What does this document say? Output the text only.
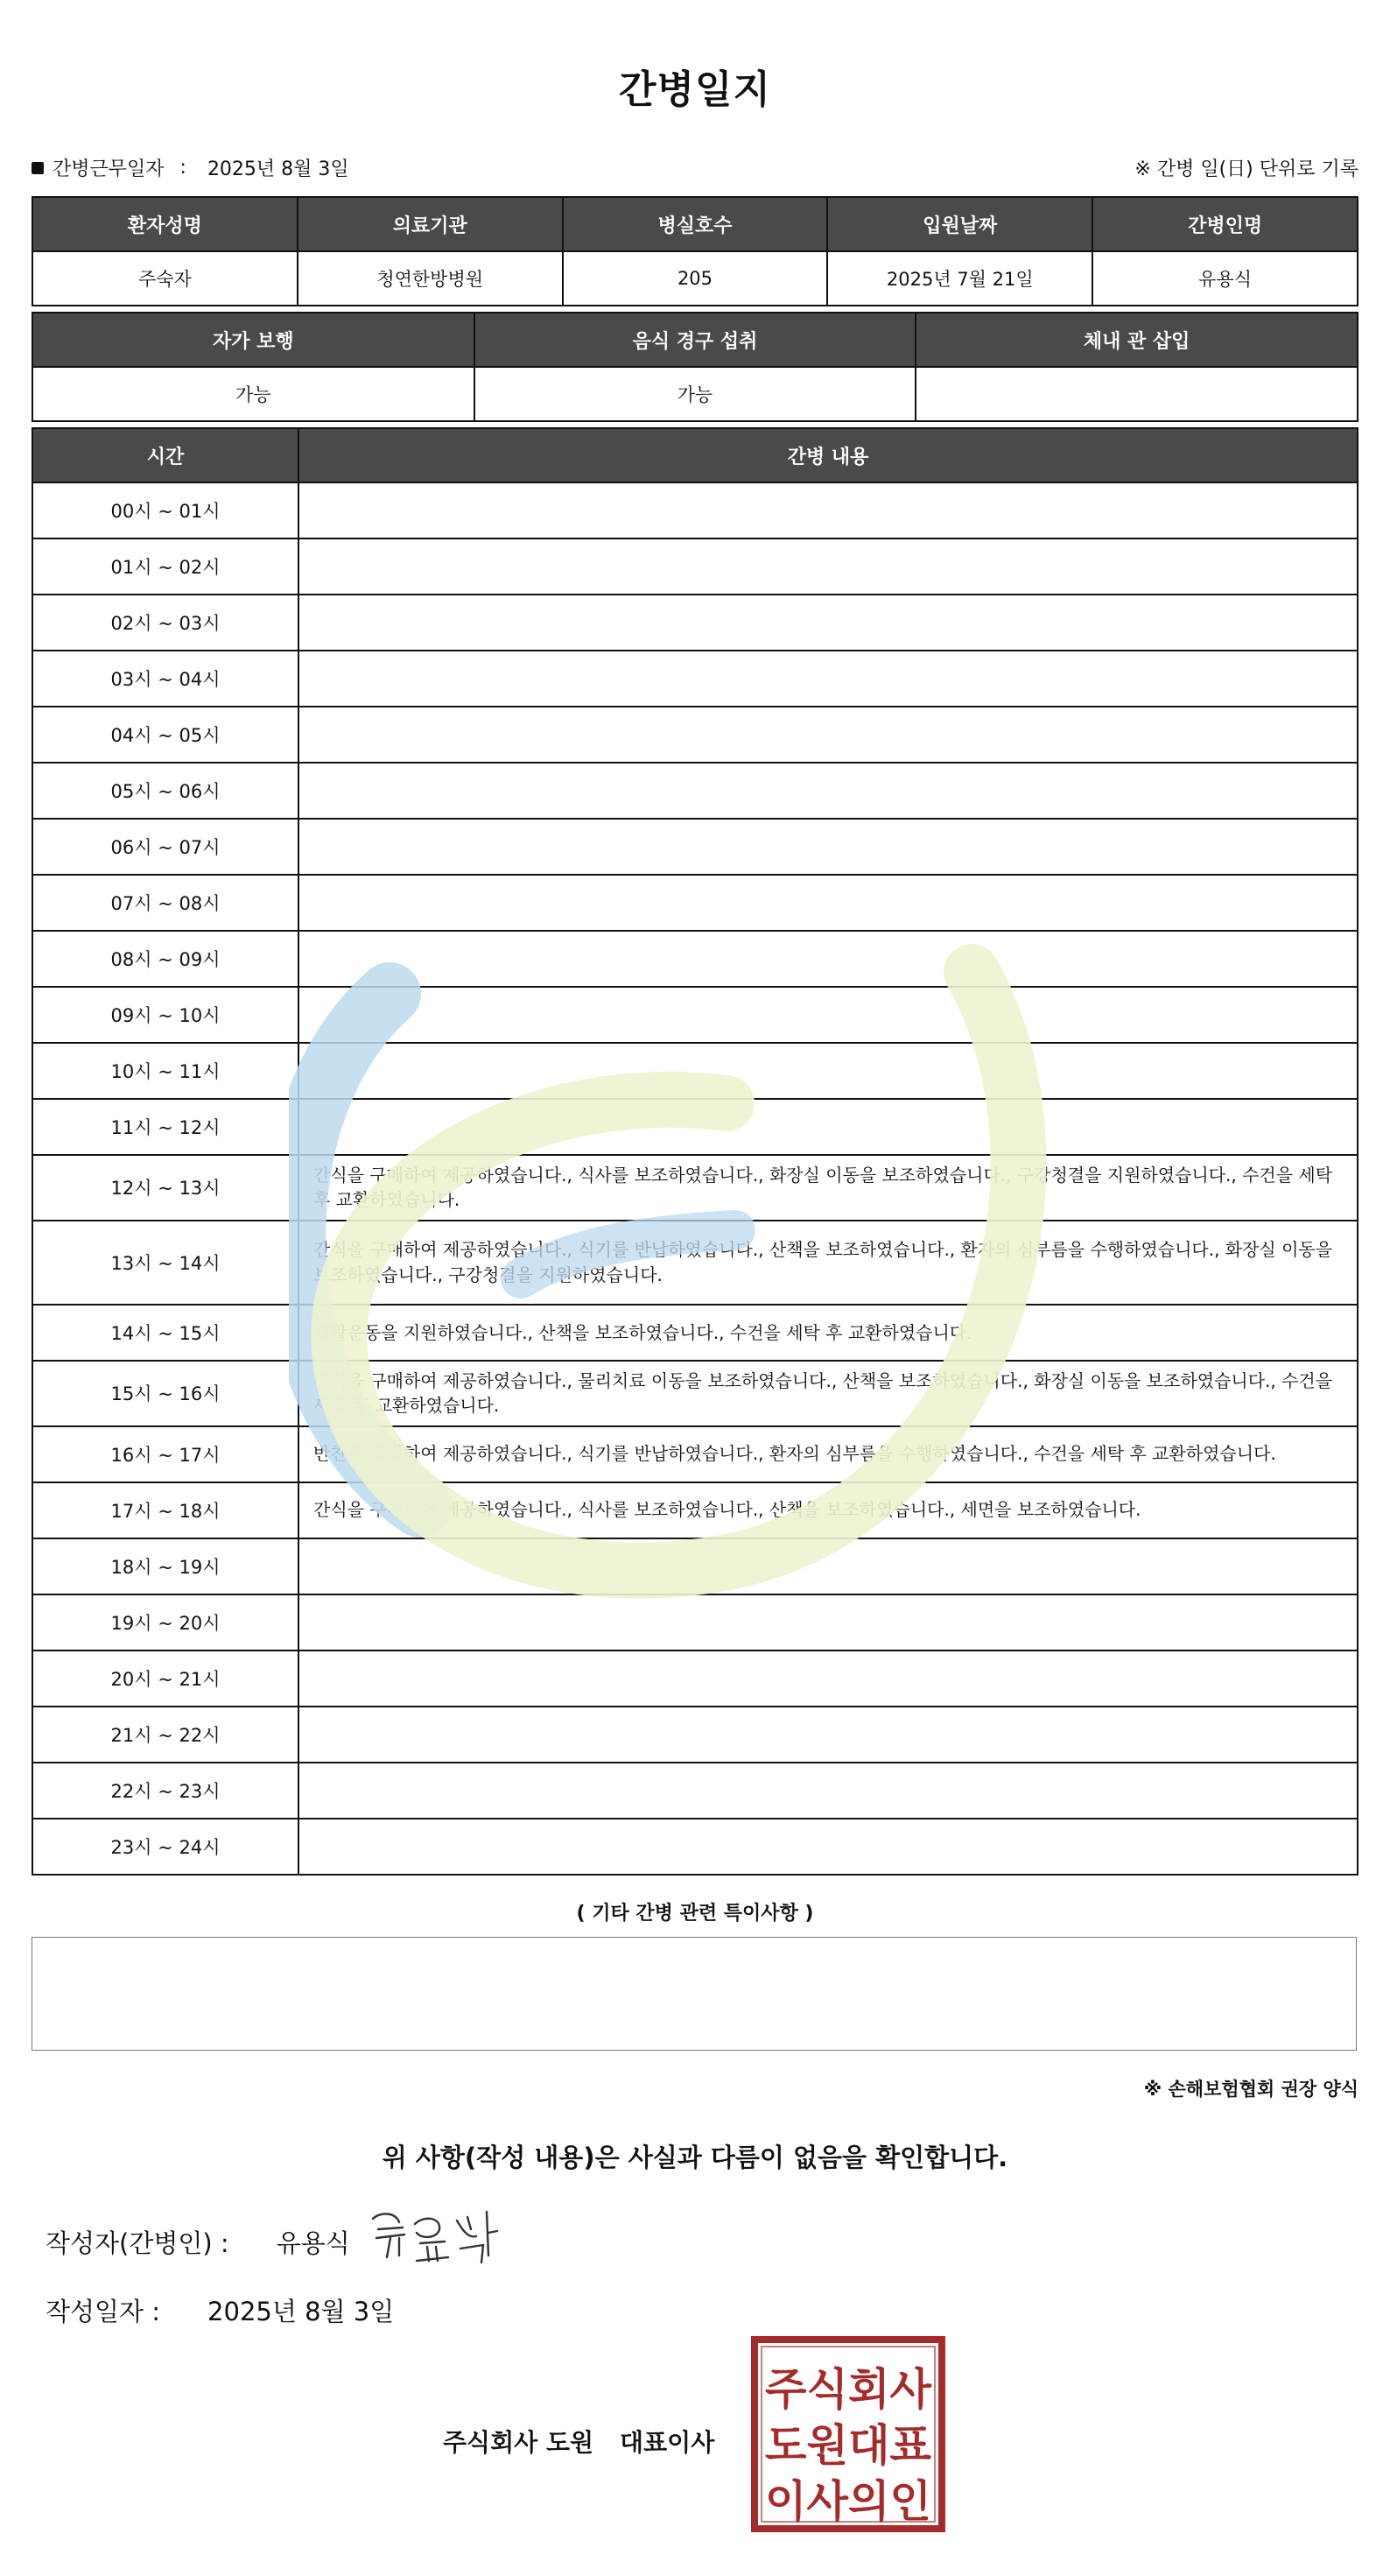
간병일지
간병근무일자 : 2025년 8월 3일	※ 간병 일(日) 단위로 기록
환자성명	의료기관	병실호수	입원날짜	간병인명
주숙자	청연한방병원	205	2025년 7월 21일	유용식
자가 보행	음식 경구 섭취	체내 관 삽입
가능	가능	
시간	간병 내용
00시 ~ 01시	
01시 ~ 02시	
02시 ~ 03시	
03시 ~ 04시	
04시 ~ 05시	
05시 ~ 06시	
06시 ~ 07시	
07시 ~ 08시	
08시 ~ 09시	
09시 ~ 10시	
10시 ~ 11시	
11시 ~ 12시	
12시 ~ 13시	간식을 구매하여 제공하였습니다., 식사를 보조하였습니다., 화장실 이동을 보조하였습니다., 구강청결을 지원하였습니다., 수건을 세탁 후 교환하였습니다.
13시 ~ 14시	간식을 구매하여 제공하였습니다., 식기를 반납하였습니다., 산책을 보조하였습니다., 환자의 심부름을 수행하였습니다., 화장실 이동을 보조하였습니다., 구강청결을 지원하였습니다.
14시 ~ 15시	재활운동을 지원하였습니다., 산책을 보조하였습니다., 수건을 세탁 후 교환하였습니다.
15시 ~ 16시	간식을 구매하여 제공하였습니다., 물리치료 이동을 보조하였습니다., 산책을 보조하였습니다., 화장실 이동을 보조하였습니다., 수건을 세탁 후 교환하였습니다.
16시 ~ 17시	반찬을 조리하여 제공하였습니다., 식기를 반납하였습니다., 환자의 심부름을 수행하였습니다., 수건을 세탁 후 교환하였습니다.
17시 ~ 18시	간식을 구매하여 제공하였습니다., 식사를 보조하였습니다., 산책을 보조하였습니다., 세면을 보조하였습니다.
18시 ~ 19시	
19시 ~ 20시	
20시 ~ 21시	
21시 ~ 22시	
22시 ~ 23시	
23시 ~ 24시	
( 기타 간병 관련 특이사항 )
※ 손해보험협회 권장 양식
위 사항(작성 내용)은 사실과 다름이 없음을 확인합니다.
작성자(간병인) : 유용식
작성일자 : 2025년 8월 3일
주식회사 도원 대표이사
주식회사
도원대표
이사의인
